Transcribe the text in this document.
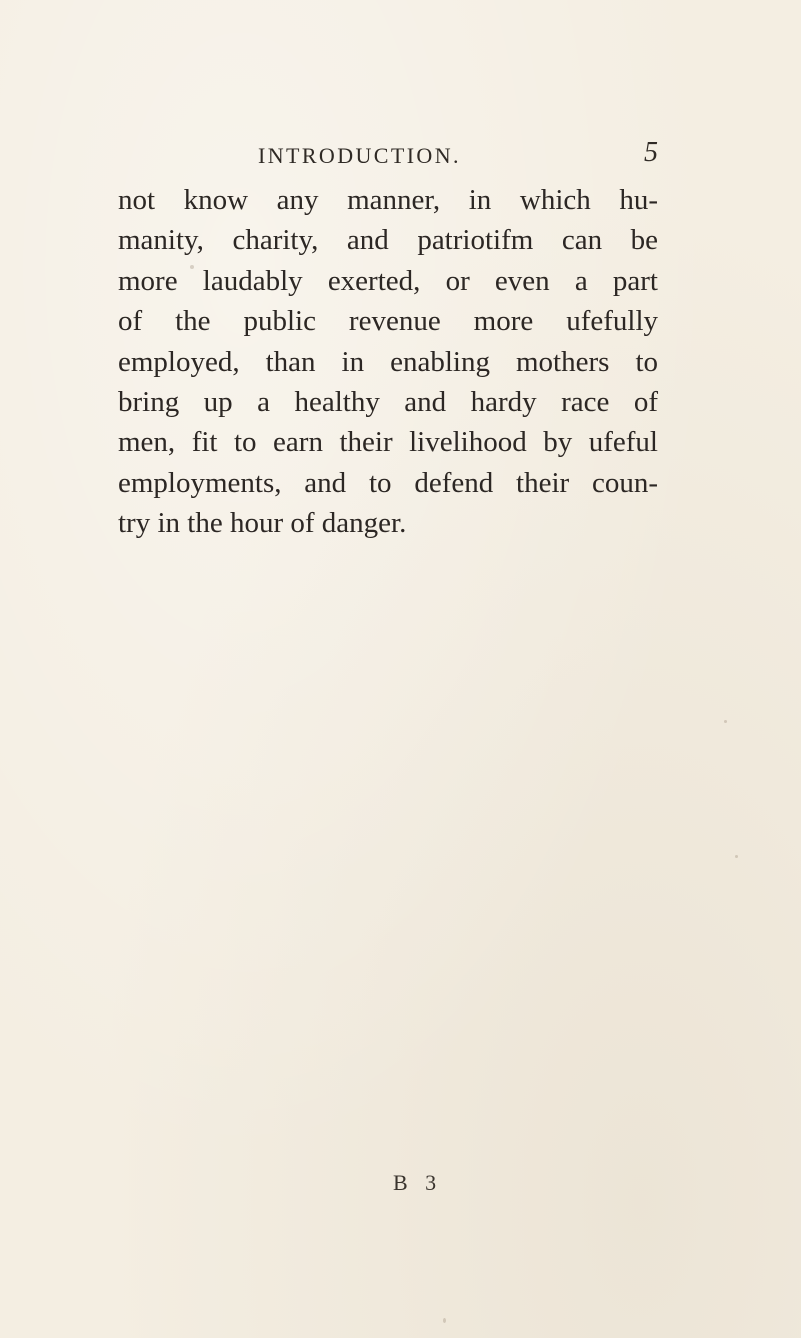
INTRODUCTION.	5
not know any manner, in which hu-
manity, charity, and patriotifm can be
more laudably exerted, or even a part
of the public revenue more ufefully
employed, than in enabling mothers to
bring up a healthy and hardy race of
men, fit to earn their livelihood by ufeful
employments, and to defend their coun-
try in the hour of danger.
B 3
